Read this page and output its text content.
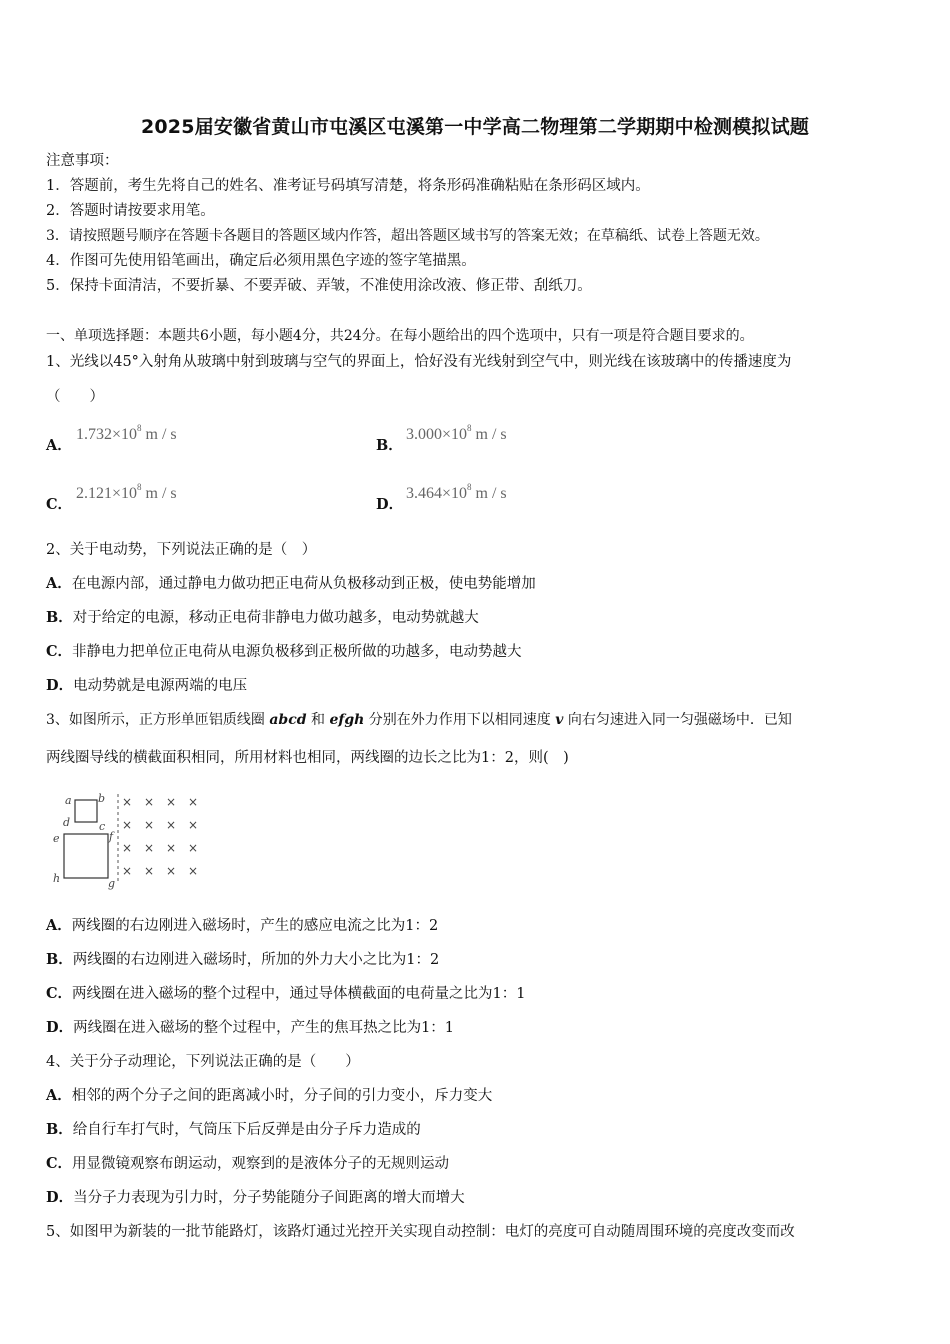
2025届安徽省黄山市屯溪区屯溪第一中学高二物理第二学期期中检测模拟试题
注意事项：
1．答题前，考生先将自己的姓名、准考证号码填写清楚，将条形码准确粘贴在条形码区域内。
2．答题时请按要求用笔。
3．请按照题号顺序在答题卡各题目的答题区域内作答，超出答题区域书写的答案无效；在草稿纸、试卷上答题无效。
4．作图可先使用铅笔画出，确定后必须用黑色字迹的签字笔描黑。
5．保持卡面清洁，不要折暴、不要弄破、弄皱，不准使用涂改液、修正带、刮纸刀。
一、单项选择题：本题共6小题，每小题4分，共24分。在每小题给出的四个选项中，只有一项是符合题目要求的。
1、光线以45°入射角从玻璃中射到玻璃与空气的界面上，恰好没有光线射到空气中，则光线在该玻璃中的传播速度为
（　　）
A．
$1.732\times 10^8$ m / s
B．
$3.000\times 10^8$ m / s
C．
$2.121\times 10^8$ m / s
D．
$3.464\times 10^8$ m / s
2、关于电动势，下列说法正确的是（　）
A．在电源内部，通过静电力做功把正电荷从负极移动到正极，使电势能增加
B．对于给定的电源，移动正电荷非静电力做功越多，电动势就越大
C．非静电力把单位正电荷从电源负极移到正极所做的功越多，电动势越大
D．电动势就是电源两端的电压
3、如图所示，正方形单匝铝质线圈 abcd 和 efgh 分别在外力作用下以相同速度 v 向右匀速进入同一匀强磁场中．已知
两线圈导线的横截面积相同，所用材料也相同，两线圈的边长之比为1：2，则(　)
a b
d	c
e	f
h	g
× × × ×
× × × ×
× × × ×
× × × ×
A．两线圈的右边刚进入磁场时，产生的感应电流之比为1：2
B．两线圈的右边刚进入磁场时，所加的外力大小之比为1：2
C．两线圈在进入磁场的整个过程中，通过导体横截面的电荷量之比为1：1
D．两线圈在进入磁场的整个过程中，产生的焦耳热之比为1：1
4、关于分子动理论，下列说法正确的是（　　）
A．相邻的两个分子之间的距离减小时，分子间的引力变小，斥力变大
B．给自行车打气时，气筒压下后反弹是由分子斥力造成的
C．用显微镜观察布朗运动，观察到的是液体分子的无规则运动
D．当分子力表现为引力时，分子势能随分子间距离的增大而增大
5、如图甲为新装的一批节能路灯，该路灯通过光控开关实现自动控制：电灯的亮度可自动随周围环境的亮度改变而改
